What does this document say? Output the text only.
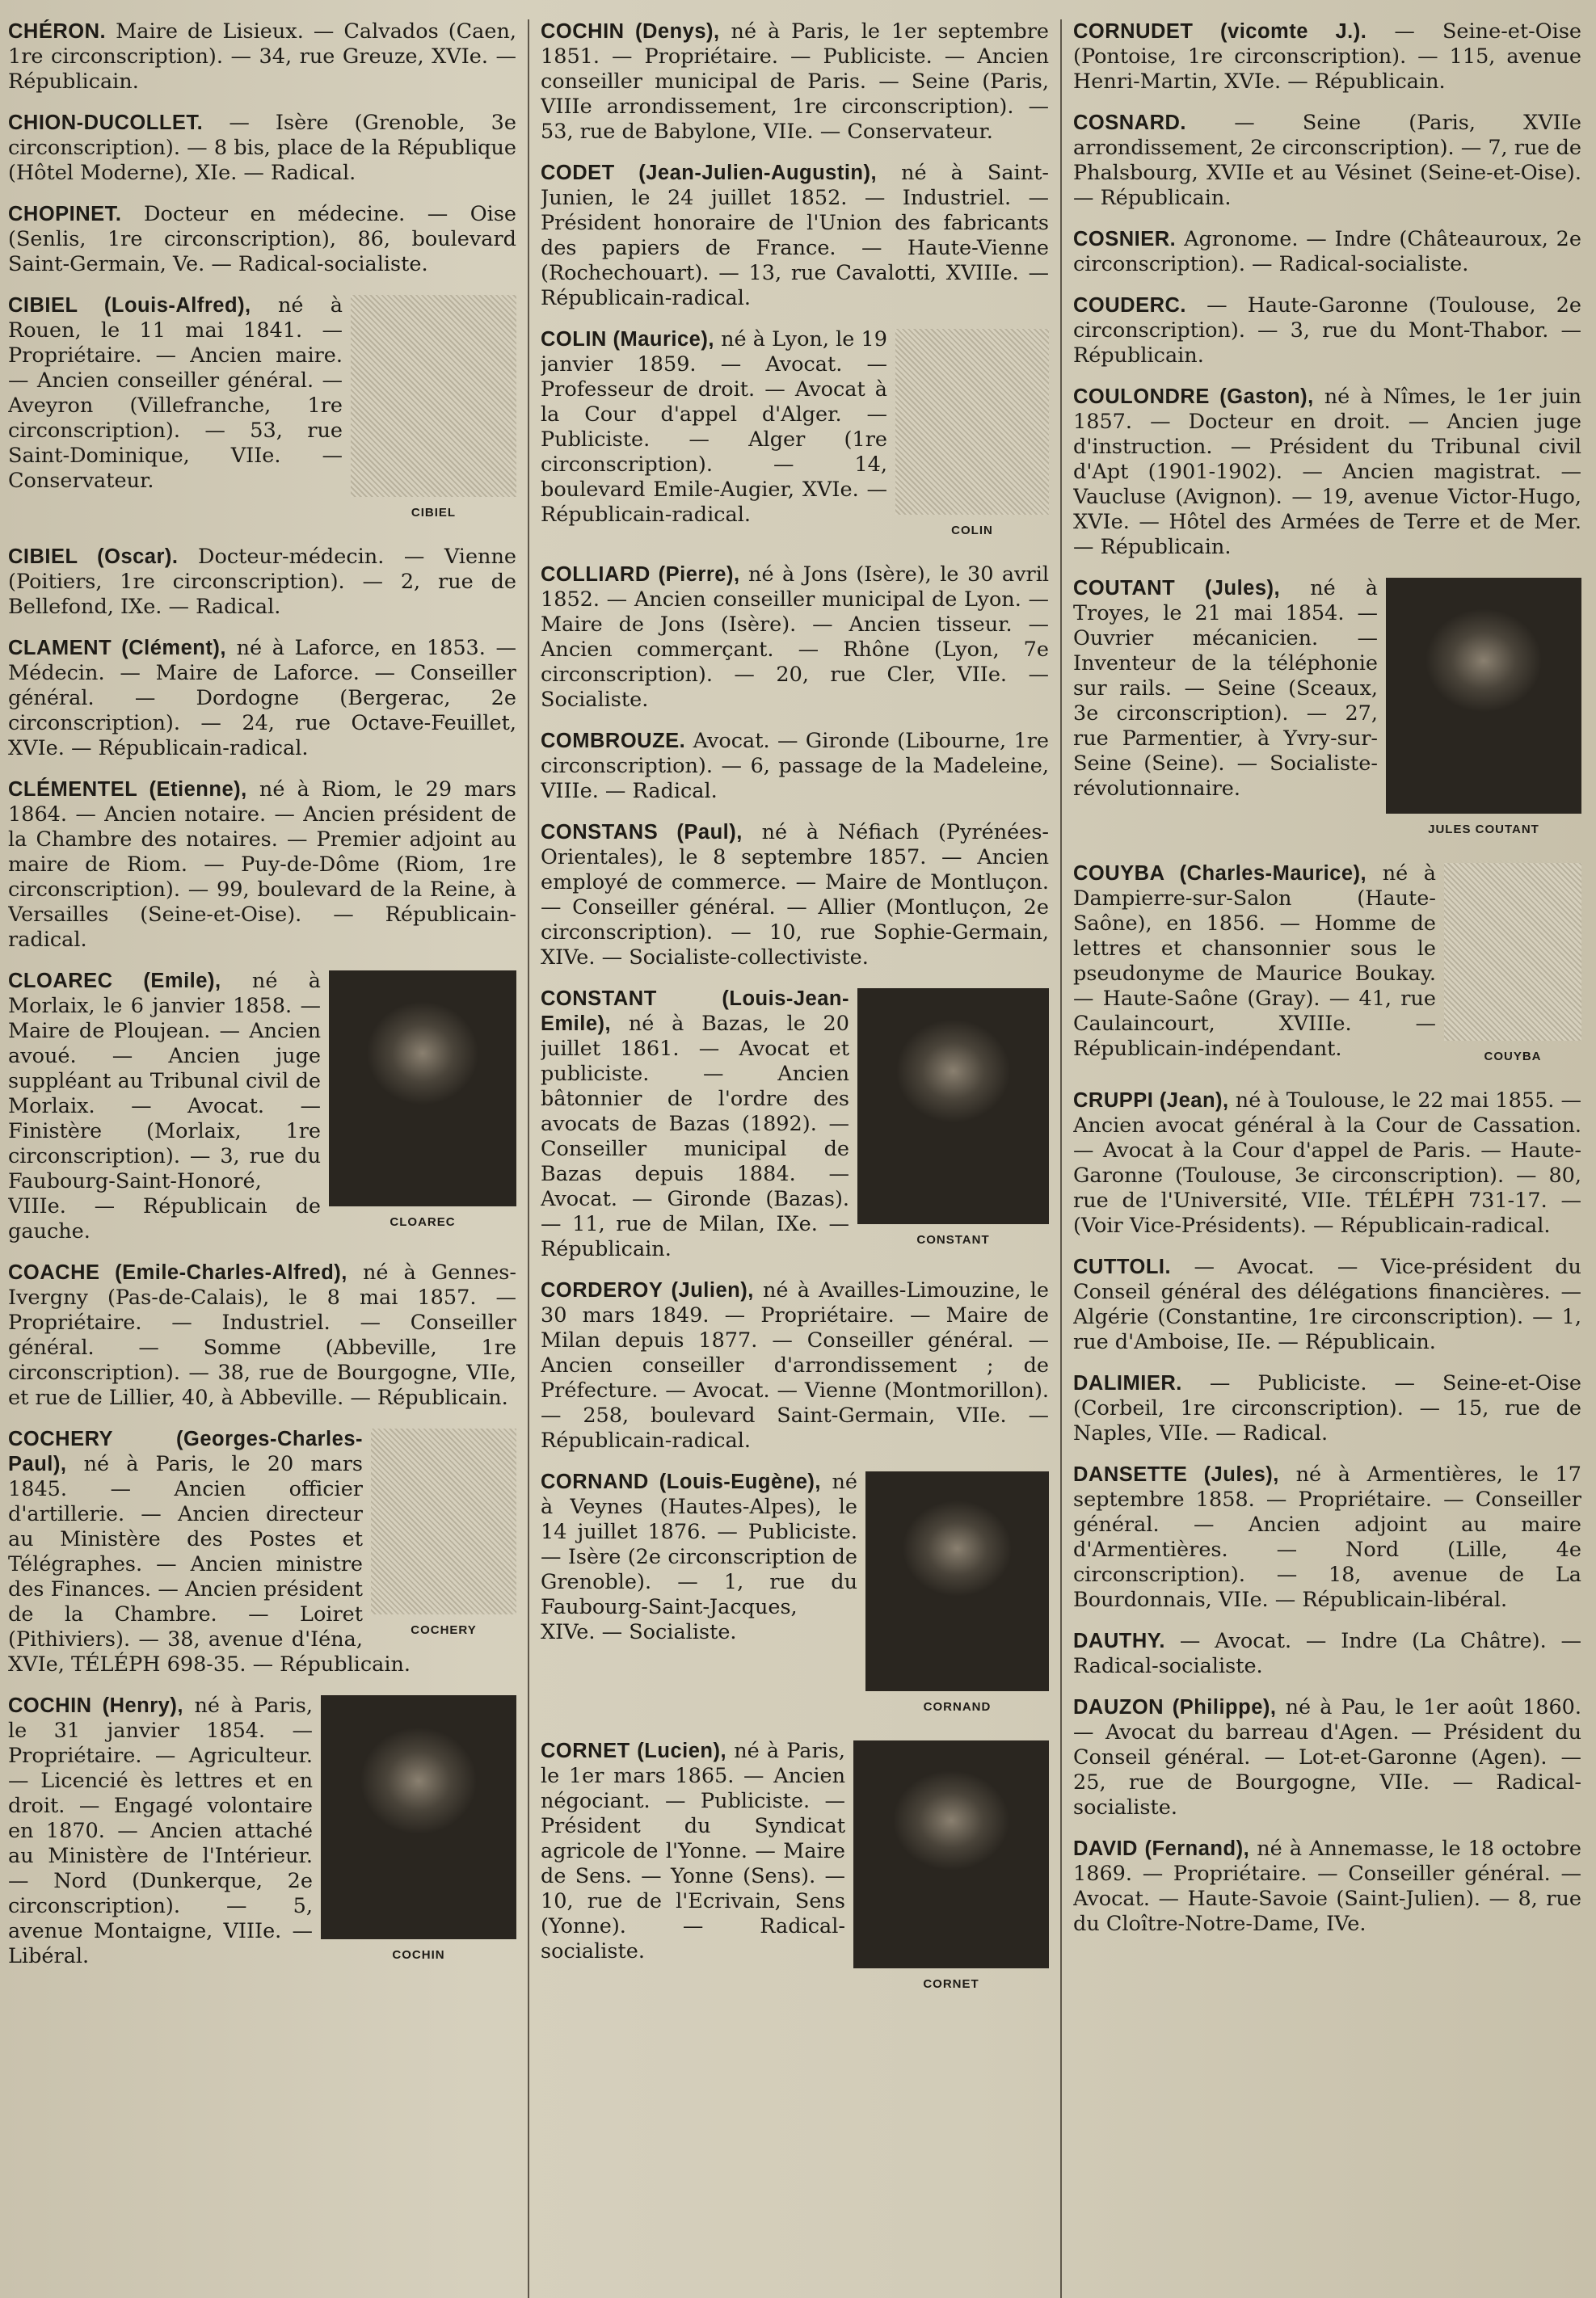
CHÉRON. Maire de Lisieux. — Calvados (Caen, 1re circonscription). — 34, rue Greuze, XVIe. — Républicain.
CHION-DUCOLLET. — Isère (Grenoble, 3e circonscription). — 8 bis, place de la République (Hôtel Moderne), XIe. — Radical.
CHOPINET. Docteur en médecine. — Oise (Senlis, 1re circonscription), 86, boulevard Saint-Germain, Ve. — Radical-socialiste.
CIBIEL
CIBIEL (Louis-Alfred), né à Rouen, le 11 mai 1841. — Propriétaire. — Ancien maire. — Ancien conseiller général. — Aveyron (Villefranche, 1re circonscription). — 53, rue Saint-Dominique, VIIe. — Conservateur.
CIBIEL (Oscar). Docteur-médecin. — Vienne (Poitiers, 1re circonscription). — 2, rue de Bellefond, IXe. — Radical.
CLAMENT (Clément), né à Laforce, en 1853. — Médecin. — Maire de Laforce. — Conseiller général. — Dordogne (Bergerac, 2e circonscription). — 24, rue Octave-Feuillet, XVIe. — Républicain-radical.
CLÉMENTEL (Etienne), né à Riom, le 29 mars 1864. — Ancien notaire. — Ancien président de la Chambre des notaires. — Premier adjoint au maire de Riom. — Puy-de-Dôme (Riom, 1re circonscription). — 99, boulevard de la Reine, à Versailles (Seine-et-Oise). — Républicain-radical.
CLOAREC
CLOAREC (Emile), né à Morlaix, le 6 janvier 1858. — Maire de Ploujean. — Ancien avoué. — Ancien juge suppléant au Tribunal civil de Morlaix. — Avocat. — Finistère (Morlaix, 1re circonscription). — 3, rue du Faubourg-Saint-Honoré, VIIIe. — Républicain de gauche.
COACHE (Emile-Charles-Alfred), né à Gennes-Ivergny (Pas-de-Calais), le 8 mai 1857. — Propriétaire. — Industriel. — Conseiller général. — Somme (Abbeville, 1re circonscription). — 38, rue de Bourgogne, VIIe, et rue de Lillier, 40, à Abbeville. — Républicain.
COCHERY
COCHERY (Georges-Charles-Paul), né à Paris, le 20 mars 1845. — Ancien officier d'artillerie. — Ancien directeur au Ministère des Postes et Télégraphes. — Ancien ministre des Finances. — Ancien président de la Chambre. — Loiret (Pithiviers). — 38, avenue d'Iéna, XVIe, TÉLÉPH 698-35. — Républicain.
COCHIN
COCHIN (Henry), né à Paris, le 31 janvier 1854. — Propriétaire. — Agriculteur. — Licencié ès lettres et en droit. — Engagé volontaire en 1870. — Ancien attaché au Ministère de l'Intérieur. — Nord (Dunkerque, 2e circonscription). — 5, avenue Montaigne, VIIIe. — Libéral.
COCHIN (Denys), né à Paris, le 1er septembre 1851. — Propriétaire. — Publiciste. — Ancien conseiller municipal de Paris. — Seine (Paris, VIIIe arrondissement, 1re circonscription). — 53, rue de Babylone, VIIe. — Conservateur.
CODET (Jean-Julien-Augustin), né à Saint-Junien, le 24 juillet 1852. — Industriel. — Président honoraire de l'Union des fabricants des papiers de France. — Haute-Vienne (Rochechouart). — 13, rue Cavalotti, XVIIIe. — Républicain-radical.
COLIN
COLIN (Maurice), né à Lyon, le 19 janvier 1859. — Avocat. — Professeur de droit. — Avocat à la Cour d'appel d'Alger. — Publiciste. — Alger (1re circonscription). — 14, boulevard Emile-Augier, XVIe. — Républicain-radical.
COLLIARD (Pierre), né à Jons (Isère), le 30 avril 1852. — Ancien conseiller municipal de Lyon. — Maire de Jons (Isère). — Ancien tisseur. — Ancien commerçant. — Rhône (Lyon, 7e circonscription). — 20, rue Cler, VIIe. — Socialiste.
COMBROUZE. Avocat. — Gironde (Libourne, 1re circonscription). — 6, passage de la Madeleine, VIIIe. — Radical.
CONSTANS (Paul), né à Néfiach (Pyrénées-Orientales), le 8 septembre 1857. — Ancien employé de commerce. — Maire de Montluçon. — Conseiller général. — Allier (Montluçon, 2e circonscription). — 10, rue Sophie-Germain, XIVe. — Socialiste-collectiviste.
CONSTANT
CONSTANT (Louis-Jean-Emile), né à Bazas, le 20 juillet 1861. — Avocat et publiciste. — Ancien bâtonnier de l'ordre des avocats de Bazas (1892). — Conseiller municipal de Bazas depuis 1884. — Avocat. — Gironde (Bazas). — 11, rue de Milan, IXe. — Républicain.
CORDEROY (Julien), né à Availles-Limouzine, le 30 mars 1849. — Propriétaire. — Maire de Milan depuis 1877. — Conseiller général. — Ancien conseiller d'arrondissement ; de Préfecture. — Avocat. — Vienne (Montmorillon). — 258, boulevard Saint-Germain, VIIe. — Républicain-radical.
CORNAND
CORNAND (Louis-Eugène), né à Veynes (Hautes-Alpes), le 14 juillet 1876. — Publiciste. — Isère (2e circonscription de Grenoble). — 1, rue du Faubourg-Saint-Jacques, XIVe. — Socialiste.
CORNET
CORNET (Lucien), né à Paris, le 1er mars 1865. — Ancien négociant. — Publiciste. — Président du Syndicat agricole de l'Yonne. — Maire de Sens. — Yonne (Sens). — 10, rue de l'Ecrivain, Sens (Yonne). — Radical-socialiste.
CORNUDET (vicomte J.). — Seine-et-Oise (Pontoise, 1re circonscription). — 115, avenue Henri-Martin, XVIe. — Républicain.
COSNARD. — Seine (Paris, XVIIe arrondissement, 2e circonscription). — 7, rue de Phalsbourg, XVIIe et au Vésinet (Seine-et-Oise). — Républicain.
COSNIER. Agronome. — Indre (Châteauroux, 2e circonscription). — Radical-socialiste.
COUDERC. — Haute-Garonne (Toulouse, 2e circonscription). — 3, rue du Mont-Thabor. — Républicain.
COULONDRE (Gaston), né à Nîmes, le 1er juin 1857. — Docteur en droit. — Ancien juge d'instruction. — Président du Tribunal civil d'Apt (1901-1902). — Ancien magistrat. — Vaucluse (Avignon). — 19, avenue Victor-Hugo, XVIe. — Hôtel des Armées de Terre et de Mer. — Républicain.
JULES COUTANT
COUTANT (Jules), né à Troyes, le 21 mai 1854. — Ouvrier mécanicien. — Inventeur de la téléphonie sur rails. — Seine (Sceaux, 3e circonscription). — 27, rue Parmentier, à Yvry-sur-Seine (Seine). — Socialiste-révolutionnaire.
COUYBA
COUYBA (Charles-Maurice), né à Dampierre-sur-Salon (Haute-Saône), en 1856. — Homme de lettres et chansonnier sous le pseudonyme de Maurice Boukay. — Haute-Saône (Gray). — 41, rue Caulaincourt, XVIIIe. — Républicain-indépendant.
CRUPPI (Jean), né à Toulouse, le 22 mai 1855. — Ancien avocat général à la Cour de Cassation. — Avocat à la Cour d'appel de Paris. — Haute-Garonne (Toulouse, 3e circonscription). — 80, rue de l'Université, VIIe. TÉLÉPH 731-17. — (Voir Vice-Présidents). — Républicain-radical.
CUTTOLI. — Avocat. — Vice-président du Conseil général des délégations financières. — Algérie (Constantine, 1re circonscription). — 1, rue d'Amboise, IIe. — Républicain.
DALIMIER. — Publiciste. — Seine-et-Oise (Corbeil, 1re circonscription). — 15, rue de Naples, VIIe. — Radical.
DANSETTE (Jules), né à Armentières, le 17 septembre 1858. — Propriétaire. — Conseiller général. — Ancien adjoint au maire d'Armentières. — Nord (Lille, 4e circonscription). — 18, avenue de La Bourdonnais, VIIe. — Républicain-libéral.
DAUTHY. — Avocat. — Indre (La Châtre). — Radical-socialiste.
DAUZON (Philippe), né à Pau, le 1er août 1860. — Avocat du barreau d'Agen. — Président du Conseil général. — Lot-et-Garonne (Agen). — 25, rue de Bourgogne, VIIe. — Radical-socialiste.
DAVID (Fernand), né à Annemasse, le 18 octobre 1869. — Propriétaire. — Conseiller général. — Avocat. — Haute-Savoie (Saint-Julien). — 8, rue du Cloître-Notre-Dame, IVe.
